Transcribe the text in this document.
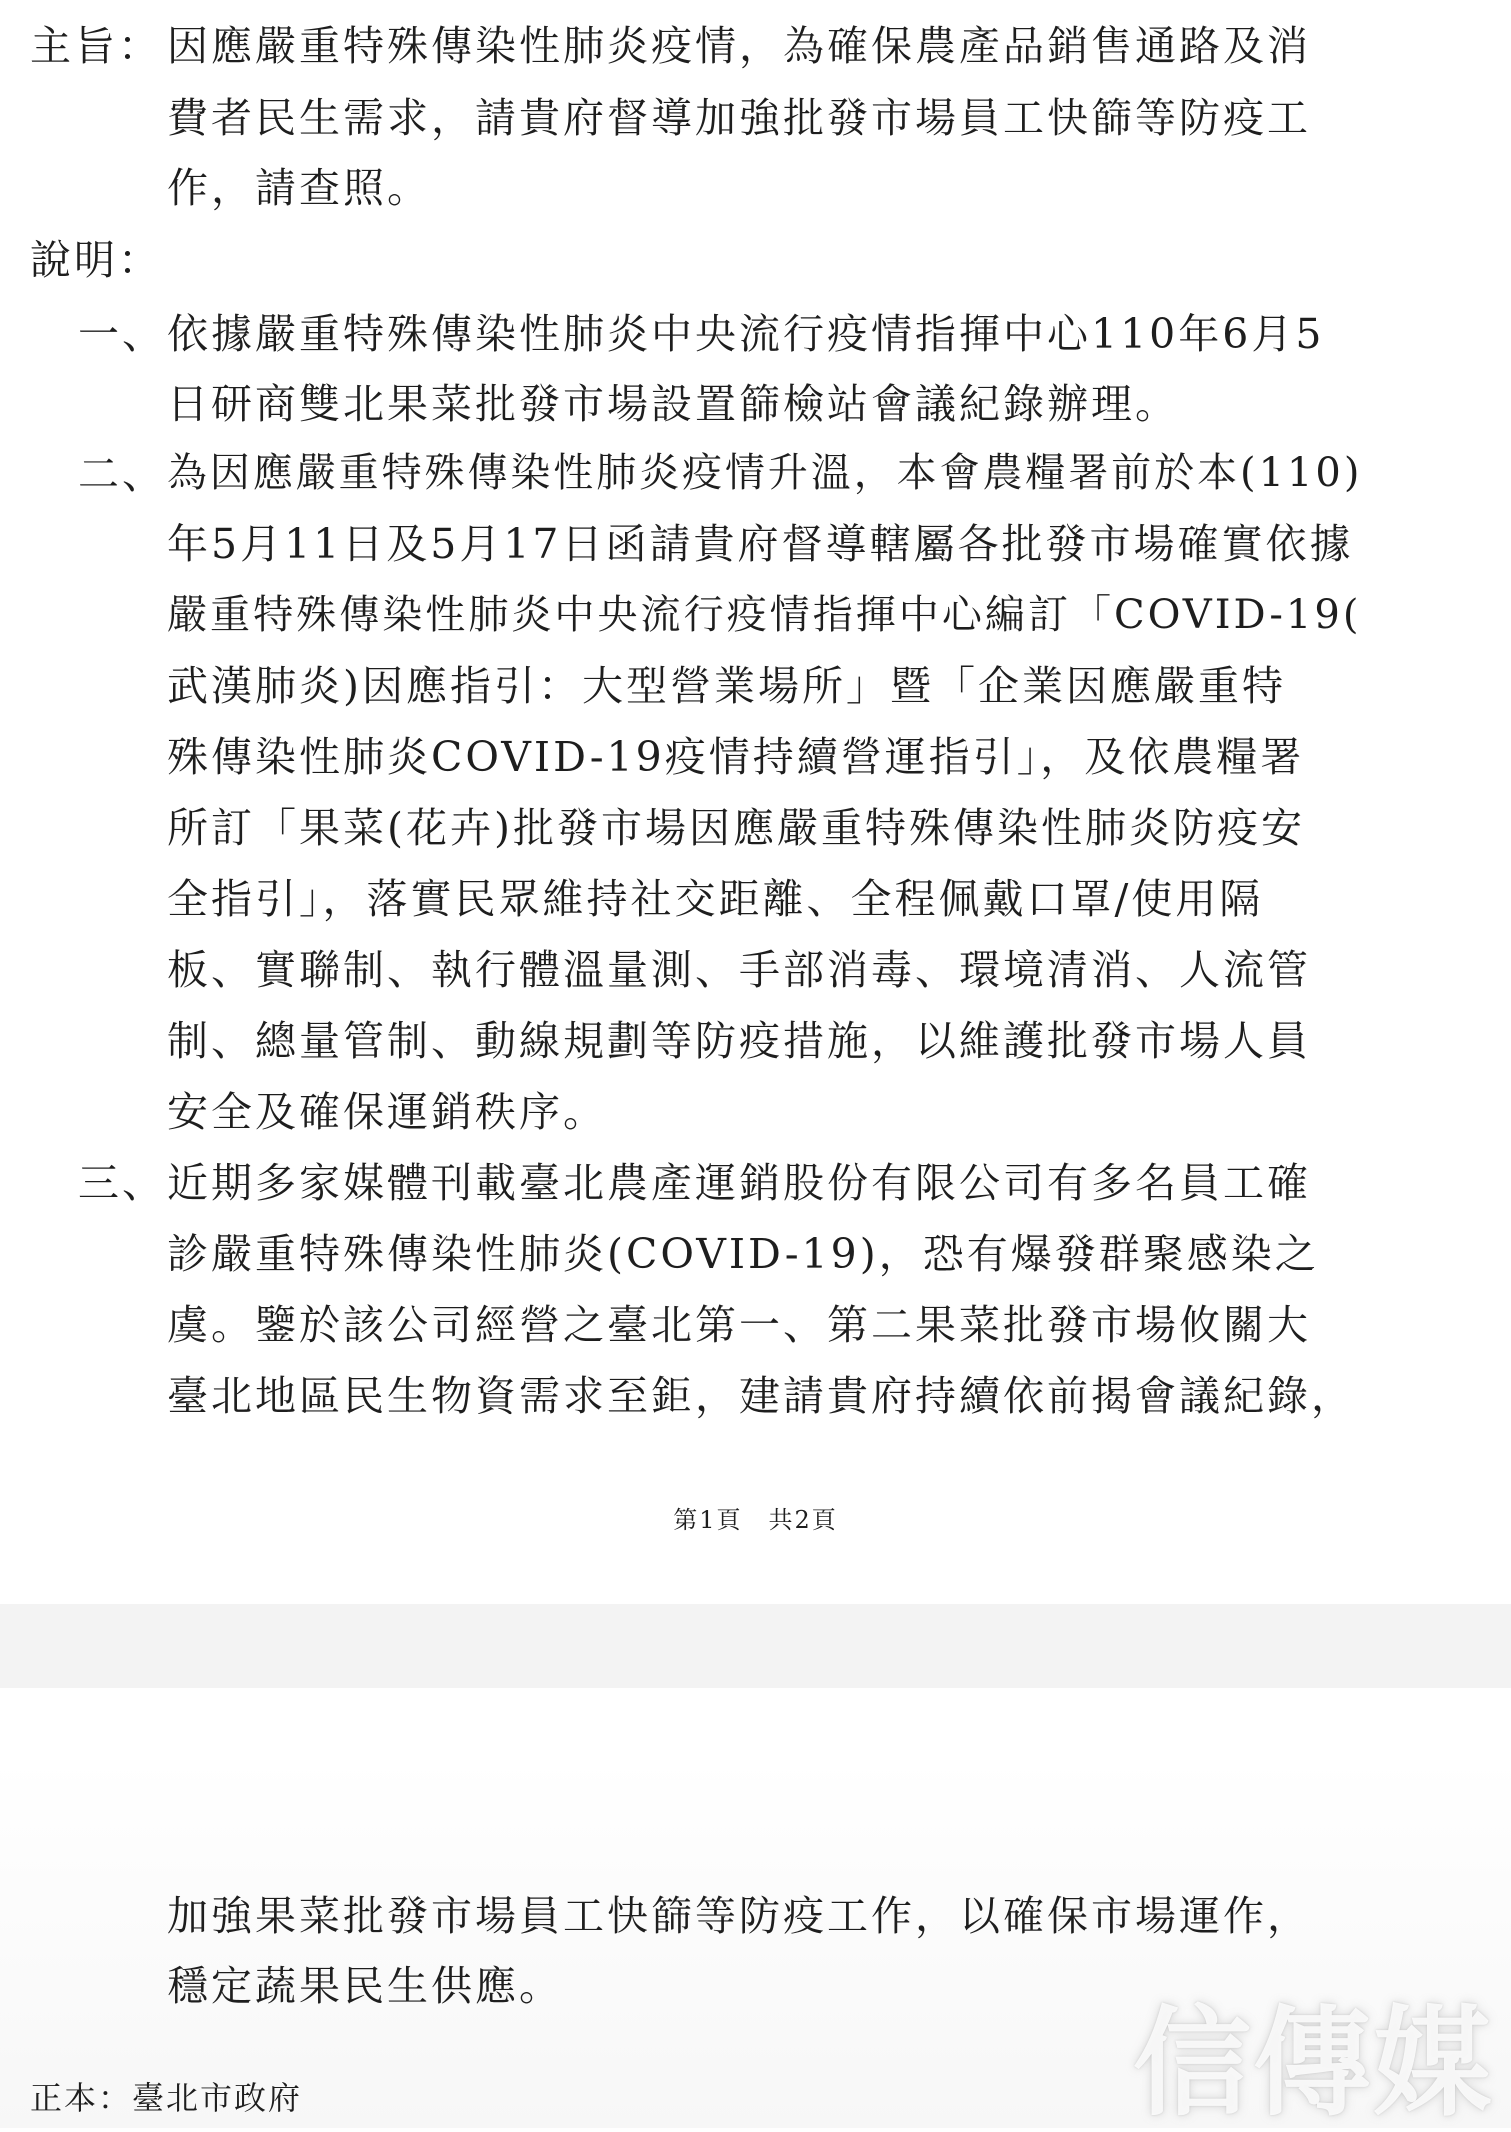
主旨： 因應嚴重特殊傳染性肺炎疫情，為確保農產品銷售通路及消
費者民生需求，請貴府督導加強批發市場員工快篩等防疫工
作，請查照。
說明：
一、 依據嚴重特殊傳染性肺炎中央流行疫情指揮中心110年6月5
日研商雙北果菜批發市場設置篩檢站會議紀錄辦理。
二、 為因應嚴重特殊傳染性肺炎疫情升溫，本會農糧署前於本(110)
年5月11日及5月17日函請貴府督導轄屬各批發市場確實依據
嚴重特殊傳染性肺炎中央流行疫情指揮中心編訂「COVID-19(
武漢肺炎)因應指引：大型營業場所」暨「企業因應嚴重特
殊傳染性肺炎COVID-19疫情持續營運指引」，及依農糧署
所訂「果菜(花卉)批發市場因應嚴重特殊傳染性肺炎防疫安
全指引」，落實民眾維持社交距離、全程佩戴口罩/使用隔
板、實聯制、執行體溫量測、手部消毒、環境清消、人流管
制、總量管制、動線規劃等防疫措施，以維護批發市場人員
安全及確保運銷秩序。
三、 近期多家媒體刊載臺北農產運銷股份有限公司有多名員工確
診嚴重特殊傳染性肺炎(COVID-19)，恐有爆發群聚感染之
虞。鑒於該公司經營之臺北第一、第二果菜批發市場攸關大
臺北地區民生物資需求至鉅，建請貴府持續依前揭會議紀錄，
第1頁　共2頁
加強果菜批發市場員工快篩等防疫工作，以確保市場運作，
穩定蔬果民生供應。
正本：臺北市政府	信傳媒
